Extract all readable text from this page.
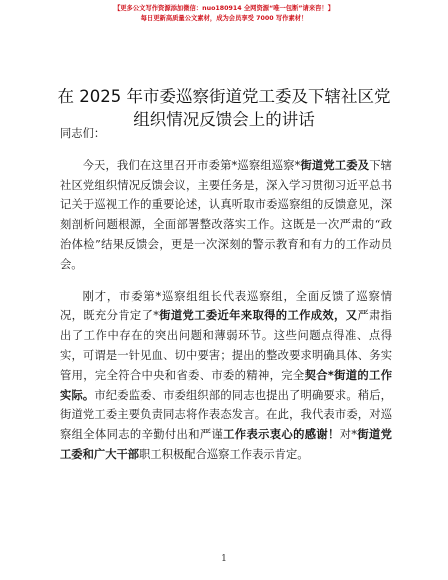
【更多公文写作资源添加微信：nuo180914 全网资源“唯一包断”请来咨！】
每日更新高质量公文素材，成为会员享受 7000 写作素材！
在 2025 年市委巡察街道党工委及下辖社区党组织情况反馈会上的讲话

同志们：

今天，我们在这里召开市委第*巡察组巡察*街道党工委及下辖社区党组织情况反馈会议，主要任务是，深入学习贯彻习近平总书记关于巡视工作的重要论述，认真听取市委巡察组的反馈意见，深刻剖析问题根源，全面部署整改落实工作。这既是一次严肃的“政治体检”结果反馈会，更是一次深刻的警示教育和有力的工作动员会。

刚才，市委第*巡察组组长代表巡察组，全面反馈了巡察情况，既充分肯定了*街道党工委近年来取得的工作成效，又严肃指出了工作中存在的突出问题和薄弱环节。这些问题点得准、点得实，可谓是一针见血、切中要害；提出的整改要求明确具体、务实管用，完全符合中央和省委、市委的精神，完全契合*街道的工作实际。市纪委监委、市委组织部的同志也提出了明确要求。稍后，街道党工委主要负责同志将作表态发言。在此，我代表市委，对巡察组全体同志的辛勤付出和严谨工作表示衷心的感谢！对*街道党工委和广大干部职工积极配合巡察工作表示肯定。

1
